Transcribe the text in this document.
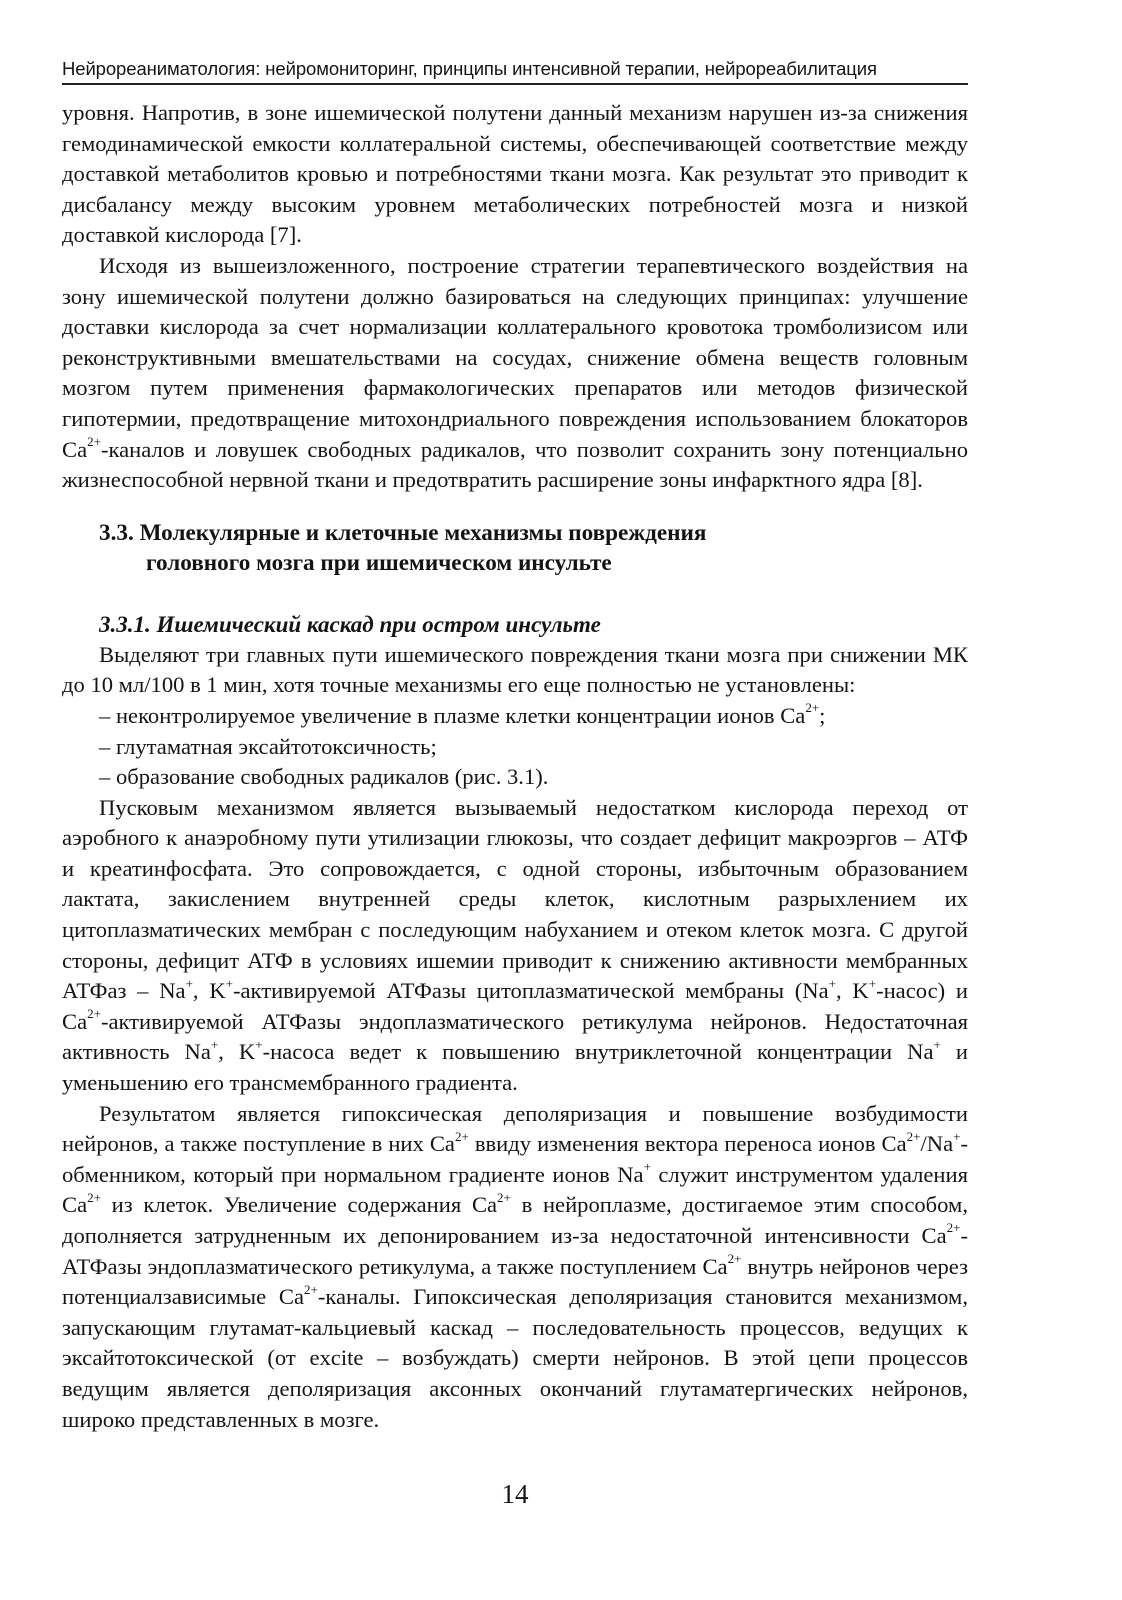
Нейрореаниматология: нейромониторинг, принципы интенсивной терапии, нейрореабилитация

уровня. Напротив, в зоне ишемической полутени данный механизм нарушен из-за снижения гемодинамической емкости коллатеральной системы, обеспечивающей соответствие между доставкой метаболитов кровью и потребностями ткани мозга. Как результат это приводит к дисбалансу между высоким уровнем метаболических потребностей мозга и низкой доставкой кислорода [7].

Исходя из вышеизложенного, построение стратегии терапевтического воздействия на зону ишемической полутени должно базироваться на следующих принципах: улучшение доставки кислорода за счет нормализации коллатерального кровотока тромболизисом или реконструктивными вмешательствами на сосудах, снижение обмена веществ головным мозгом путем применения фармакологических препаратов или методов физической гипотермии, предотвращение митохондриального повреждения использованием блокаторов $Ca^{2+}$-каналов и ловушек свободных радикалов, что позволит сохранить зону потенциально жизнеспособной нервной ткани и предотвратить расширение зоны инфарктного ядра [8].

3.3. Молекулярные и клеточные механизмы повреждения
головного мозга при ишемическом инсульте
3.3.1. Ишемический каскад при остром инсульте

Выделяют три главных пути ишемического повреждения ткани мозга при снижении МК до 10 мл/100 в 1 мин, хотя точные механизмы его еще полностью не установлены:

– неконтролируемое увеличение в плазме клетки концентрации ионов $Ca^{2+}$;
– глутаматная эксайтотоксичность;
– образование свободных радикалов (рис. 3.1).

Пусковым механизмом является вызываемый недостатком кислорода переход от аэробного к анаэробному пути утилизации глюкозы, что создает дефицит макроэргов – АТФ и креатинфосфата. Это сопровождается, с одной стороны, избыточным образованием лактата, закислением внутренней среды клеток, кислотным разрыхлением их цитоплазматических мембран с последующим набуханием и отеком клеток мозга. С другой стороны, дефицит АТФ в условиях ишемии приводит к снижению активности мембранных АТФаз – Na+, K+-активируемой АТФазы цитоплазматической мембраны (Na+, K+-насос) и $Ca^{2+}$-активируемой АТФазы эндоплазматического ретикулума нейронов. Недостаточная активность Na+, K+-насоса ведет к повышению внутриклеточной концентрации Na+ и уменьшению его трансмембранного градиента.

Результатом является гипоксическая деполяризация и повышение возбудимости нейронов, а также поступление в них $Ca^{2+}$ ввиду изменения вектора переноса ионов $Ca^{2+}/Na^+$-обменником, который при нормальном градиенте ионов Na+ служит инструментом удаления $Ca^{2+}$ из клеток. Увеличение содержания $Ca^{2+}$ в нейроплазме, достигаемое этим способом, дополняется затрудненным их депонированием из-за недостаточной интенсивности $Ca^{2+}$-АТФазы эндоплазматического ретикулума, а также поступлением $Ca^{2+}$ внутрь нейронов через потенциалзависимые $Ca^{2+}$-каналы. Гипоксическая деполяризация становится механизмом, запускающим глутамат-кальциевый каскад – последовательность процессов, ведущих к эксайтотоксической (от excite – возбуждать) смерти нейронов. В этой цепи процессов ведущим является деполяризация аксонных окончаний глутаматергических нейронов, широко представленных в мозге.

14
